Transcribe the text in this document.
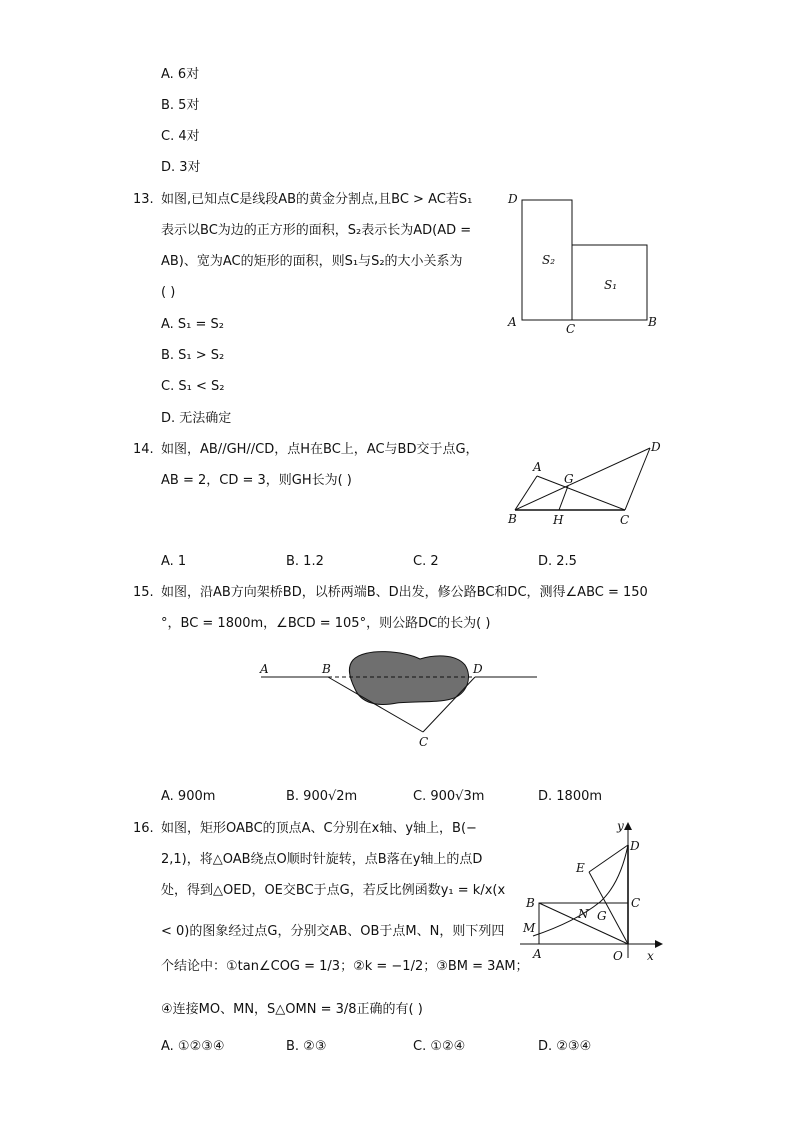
A. 6对
B. 5对
C. 4对
D. 3对
13. 如图,已知点C是线段AB的黄金分割点,且BC > AC若S₁
表示以BC为边的正方形的面积，S₂表示长为AD(AD =
AB)、宽为AC的矩形的面积，则S₁与S₂的大小关系为
( )
A. S₁ = S₂
B. S₁ > S₂
C. S₁ < S₂
D. 无法确定
D
A	C	B
S₂
S₁
14. 如图，AB//GH//CD，点H在BC上，AC与BD交于点G，
AB = 2，CD = 3，则GH长为( )
A. 1	B. 1.2	C. 2	D. 2.5
A
G
D
B	H	C
15. 如图，沿AB方向架桥BD，以桥两端B、D出发，修公路BC和DC，测得∠ABC = 150
°，BC = 1800m，∠BCD = 105°，则公路DC的长为( )
A	B	D
C
A. 900m	B. 900√2m	C. 900√3m	D. 1800m
16. 如图，矩形OABC的顶点A、C分别在x轴、y轴上，B(−
2,1)，将△OAB绕点O顺时针旋转，点B落在y轴上的点D
处，得到△OED，OE交BC于点G，若反比例函数y₁ = k/x(x
< 0)的图象经过点G，分别交AB、OB于点M、N，则下列四
个结论中：①tan∠COG = 1/3；②k = −1/2；③BM = 3AM；
④连接MO、MN，S△OMN = 3/8正确的有( )
A. ①②③④	B. ②③	C. ①②④	D. ②③④
y
D
E
B	C
N G
M
A	O x
